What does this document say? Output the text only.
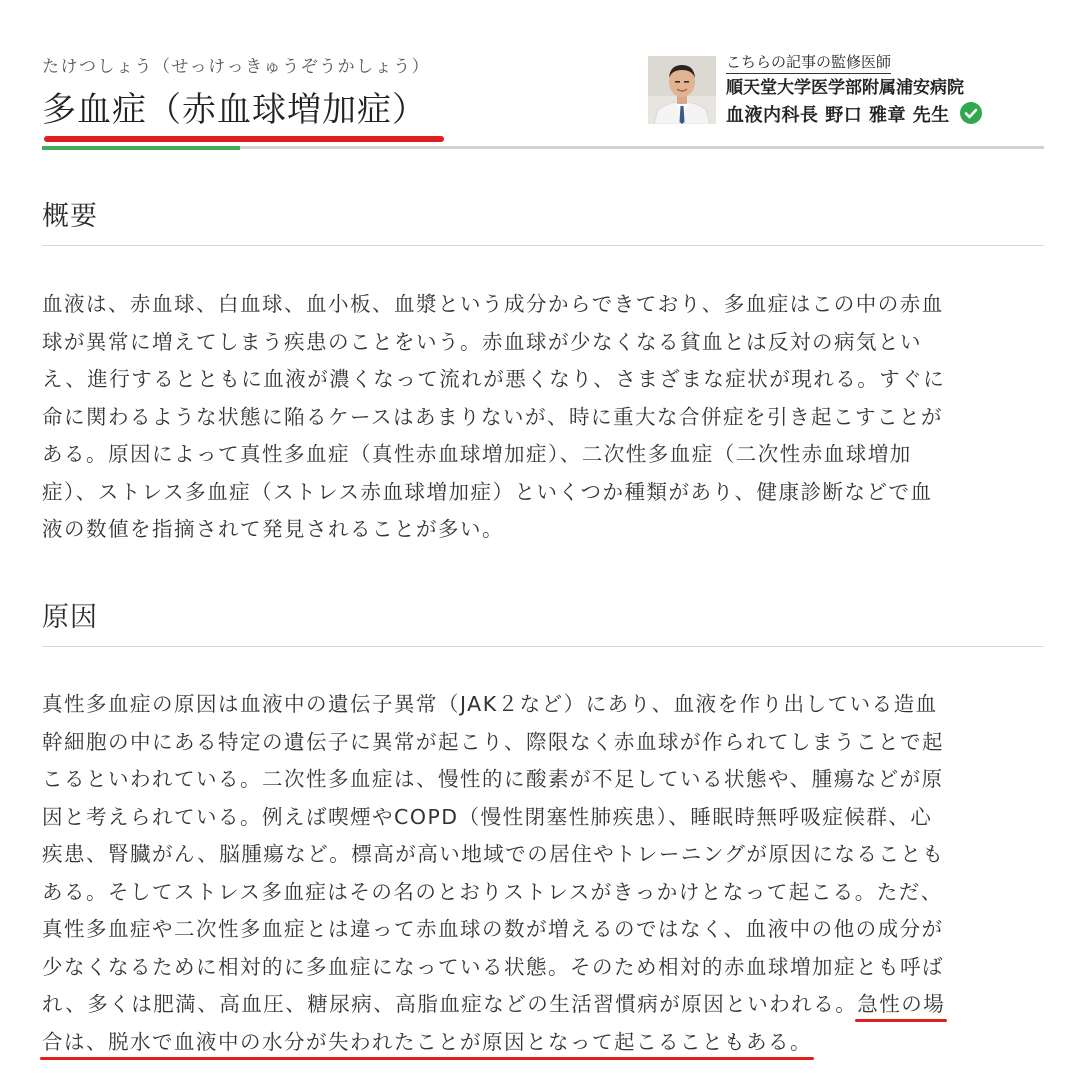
たけつしょう（せっけっきゅうぞうかしょう）
多血症（赤血球増加症）
こちらの記事の監修医師
順天堂大学医学部附属浦安病院
血液内科長 野口 雅章 先生
概要
血液は、赤血球、白血球、血小板、血漿という成分からできており、多血症はこの中の赤血
球が異常に増えてしまう疾患のことをいう。赤血球が少なくなる貧血とは反対の病気とい
え、進行するとともに血液が濃くなって流れが悪くなり、さまざまな症状が現れる。すぐに
命に関わるような状態に陥るケースはあまりないが、時に重大な合併症を引き起こすことが
ある。原因によって真性多血症（真性赤血球増加症）、二次性多血症（二次性赤血球増加
症）、ストレス多血症（ストレス赤血球増加症）といくつか種類があり、健康診断などで血
液の数値を指摘されて発見されることが多い。
原因
真性多血症の原因は血液中の遺伝子異常（JAK２など）にあり、血液を作り出している造血
幹細胞の中にある特定の遺伝子に異常が起こり、際限なく赤血球が作られてしまうことで起
こるといわれている。二次性多血症は、慢性的に酸素が不足している状態や、腫瘍などが原
因と考えられている。例えば喫煙やCOPD（慢性閉塞性肺疾患）、睡眠時無呼吸症候群、心
疾患、腎臓がん、脳腫瘍など。標高が高い地域での居住やトレーニングが原因になることも
ある。そしてストレス多血症はその名のとおりストレスがきっかけとなって起こる。ただ、
真性多血症や二次性多血症とは違って赤血球の数が増えるのではなく、血液中の他の成分が
少なくなるために相対的に多血症になっている状態。そのため相対的赤血球増加症とも呼ば
れ、多くは肥満、高血圧、糖尿病、高脂血症などの生活習慣病が原因といわれる。急性の場
合は、脱水で血液中の水分が失われたことが原因となって起こることもある。
